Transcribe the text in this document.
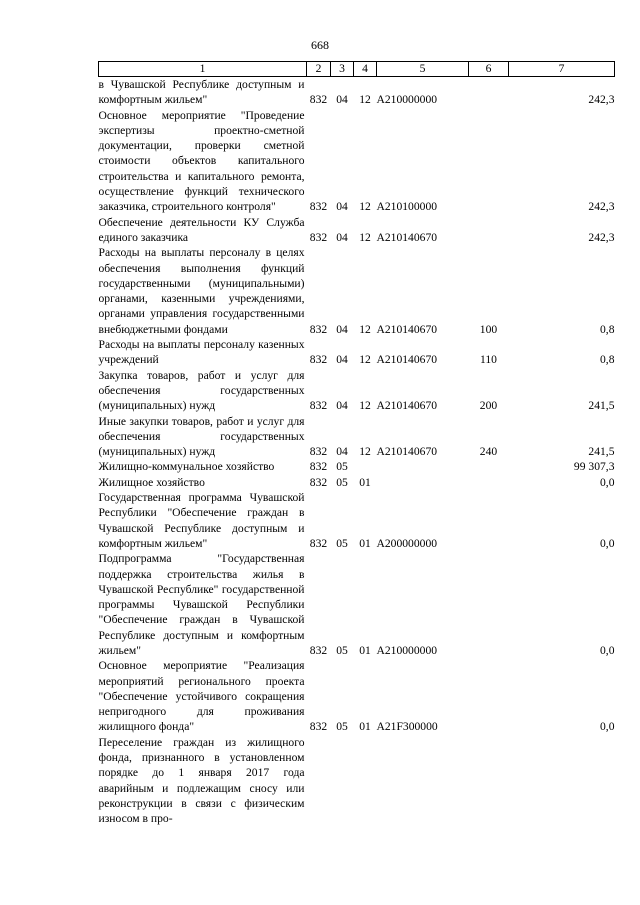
668
1	2	3	4	5	6	7
в Чувашской Республике доступным и комфортным жильем"	832	04	12	A210000000		242,3
Основное мероприятие "Проведение экспертизы проектно-сметной документации, проверки сметной стоимости объектов капитального строительства и капитального ремонта, осуществление функций технического заказчика, строительного контроля"	832	04	12	A210100000		242,3
Обеспечение деятельности КУ Служба единого заказчика	832	04	12	A210140670		242,3
Расходы на выплаты персоналу в целях обеспечения выполнения функций государственными (муниципальными) органами, казенными учреждениями, органами управления государственными внебюджетными фондами	832	04	12	A210140670	100	0,8
Расходы на выплаты персоналу казенных учреждений	832	04	12	A210140670	110	0,8
Закупка товаров, работ и услуг для обеспечения государственных (муниципальных) нужд	832	04	12	A210140670	200	241,5
Иные закупки товаров, работ и услуг для обеспечения государственных (муниципальных) нужд	832	04	12	A210140670	240	241,5
Жилищно-коммунальное хозяйство	832	05				99 307,3
Жилищное хозяйство	832	05	01			0,0
Государственная программа Чувашской Республики "Обеспечение граждан в Чувашской Республике доступным и комфортным жильем"	832	05	01	A200000000		0,0
Подпрограмма "Государственная поддержка строительства жилья в Чувашской Республике" государственной программы Чувашской Республики "Обеспечение граждан в Чувашской Республике доступным и комфортным жильем"	832	05	01	A210000000		0,0
Основное мероприятие "Реализация мероприятий регионального проекта "Обеспечение устойчивого сокращения непригодного для проживания жилищного фонда"	832	05	01	A21F300000		0,0
Переселение граждан из жилищного фонда, признанного в установленном порядке до 1 января 2017 года аварийным и подлежащим сносу или реконструкции в связи с физическим износом в про-						
